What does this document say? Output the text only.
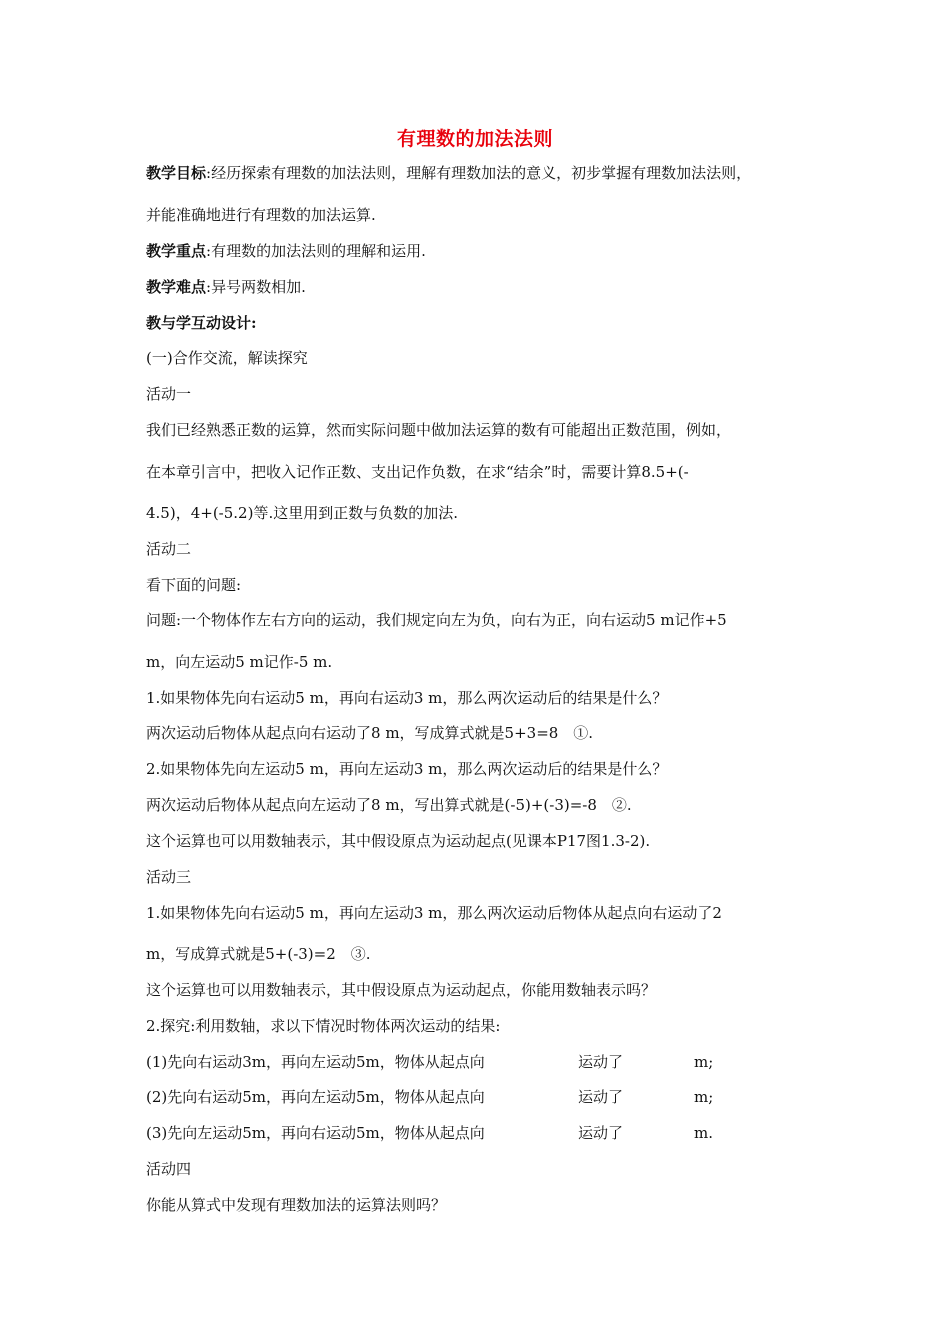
有理数的加法法则
教学目标:经历探索有理数的加法法则，理解有理数加法的意义，初步掌握有理数加法法则，
并能准确地进行有理数的加法运算.
教学重点:有理数的加法法则的理解和运用.
教学难点:异号两数相加.
教与学互动设计:
(一)合作交流，解读探究
活动一
我们已经熟悉正数的运算，然而实际问题中做加法运算的数有可能超出正数范围，例如，
在本章引言中，把收入记作正数、支出记作负数，在求“结余”时，需要计算8.5+(-
4.5)，4+(-5.2)等.这里用到正数与负数的加法.
活动二
看下面的问题:
问题:一个物体作左右方向的运动，我们规定向左为负，向右为正，向右运动5 m记作+5
m，向左运动5 m记作-5 m.
1.如果物体先向右运动5 m，再向右运动3 m，那么两次运动后的结果是什么？
两次运动后物体从起点向右运动了8 m，写成算式就是5+3=8　①.
2.如果物体先向左运动5 m，再向左运动3 m，那么两次运动后的结果是什么？
两次运动后物体从起点向左运动了8 m，写出算式就是(-5)+(-3)=-8　②.
这个运算也可以用数轴表示，其中假设原点为运动起点(见课本P17图1.3-2).
活动三
1.如果物体先向右运动5 m，再向左运动3 m，那么两次运动后物体从起点向右运动了2
m，写成算式就是5+(-3)=2　③.
这个运算也可以用数轴表示，其中假设原点为运动起点，你能用数轴表示吗？
2.探究:利用数轴，求以下情况时物体两次运动的结果:
(1)先向右运动3m，再向左运动5m，物体从起点向	运动了	m;
(2)先向右运动5m，再向左运动5m，物体从起点向	运动了	m;
(3)先向左运动5m，再向右运动5m，物体从起点向	运动了	m.
活动四
你能从算式中发现有理数加法的运算法则吗？
